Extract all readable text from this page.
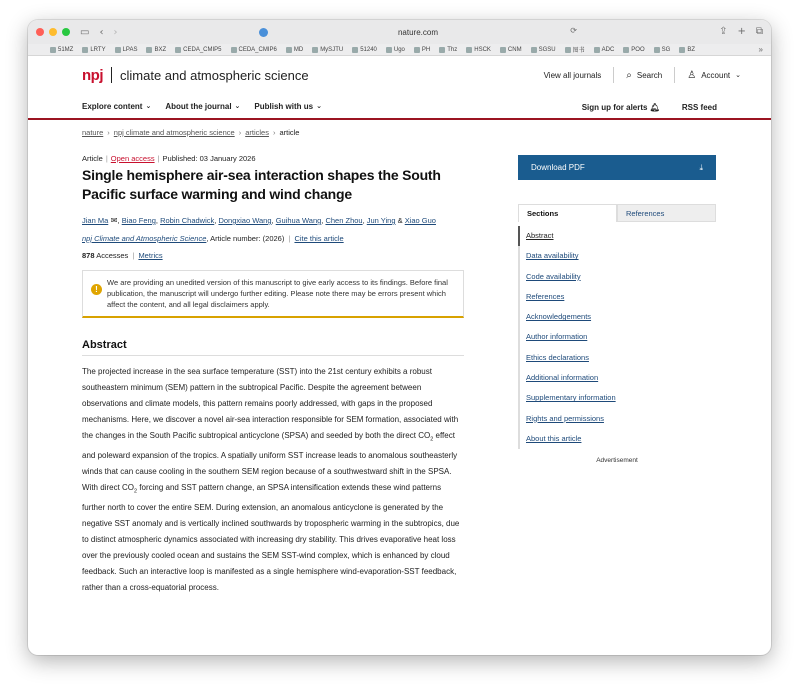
▭ ‹ ›	nature.com	⟳	⇪ + ⧉
51MZ	LRTY	LPAS	BXZ	CEDA_CMIP5	CEDA_CMIP6	MD	MySJTU	51240	Ugo	PH	Thz	HSCK	CNM	SGSU	图书	ADC	POO	SG	BZ	»
npj climate and atmospheric science	View all journals	⌕ Search	♙ Account ⌄
Explore content ⌄ About the journal ⌄ Publish with us ⌄	Sign up for alerts 🔔︎	RSS feed
nature › npj climate and atmospheric science › articles › article
Article | Open access | Published: 03 January 2026
Single hemisphere air-sea interaction shapes the South Pacific surface warming and wind change
Jian Ma ✉, Biao Feng, Robin Chadwick, Dongxiao Wang, Guihua Wang, Chen Zhou, Jun Ying & Xiao Guo
npj Climate and Atmospheric Science, Article number: (2026) | Cite this article
878 Accesses | Metrics
!
We are providing an unedited version of this manuscript to give early access to its findings. Before final publication, the manuscript will undergo further editing. Please note there may be errors present which affect the content, and all legal disclaimers apply.
Abstract

The projected increase in the sea surface temperature (SST) into the 21st century exhibits a robust southeastern minimum (SEM) pattern in the subtropical Pacific. Despite the agreement between observations and climate models, this pattern remains poorly addressed, with gaps in the proposed mechanisms. Here, we discover a novel air-sea interaction responsible for SEM formation, associated with the changes in the South Pacific subtropical anticyclone (SPSA) and seeded by both the direct $CO_2$ effect and poleward expansion of the tropics. A spatially uniform SST increase leads to anomalous southeasterly winds that can cause cooling in the southern SEM region because of a southwestward shift in the SPSA. With direct $CO_2$ forcing and SST pattern change, an SPSA intensification extends these wind patterns further north to cover the entire SEM. During extension, an anomalous anticyclone is generated by the negative SST anomaly and is vertically inclined southwards by tropospheric warming in the subtropics, due to distinct atmospheric dynamics associated with increasing dry stability. This drives evaporative heat loss over the previously cooled ocean and sustains the SEM SST-wind complex, which is enhanced by cloud feedback. Such an interactive loop is manifested as a single hemisphere wind-evaporation-SST feedback, rather than a cross-equatorial process.

Download PDF	⤓
Sections	References
Abstract
Data availability
Code availability
References
Acknowledgements
Author information
Ethics declarations
Additional information
Supplementary information
Rights and permissions
About this article
Advertisement
